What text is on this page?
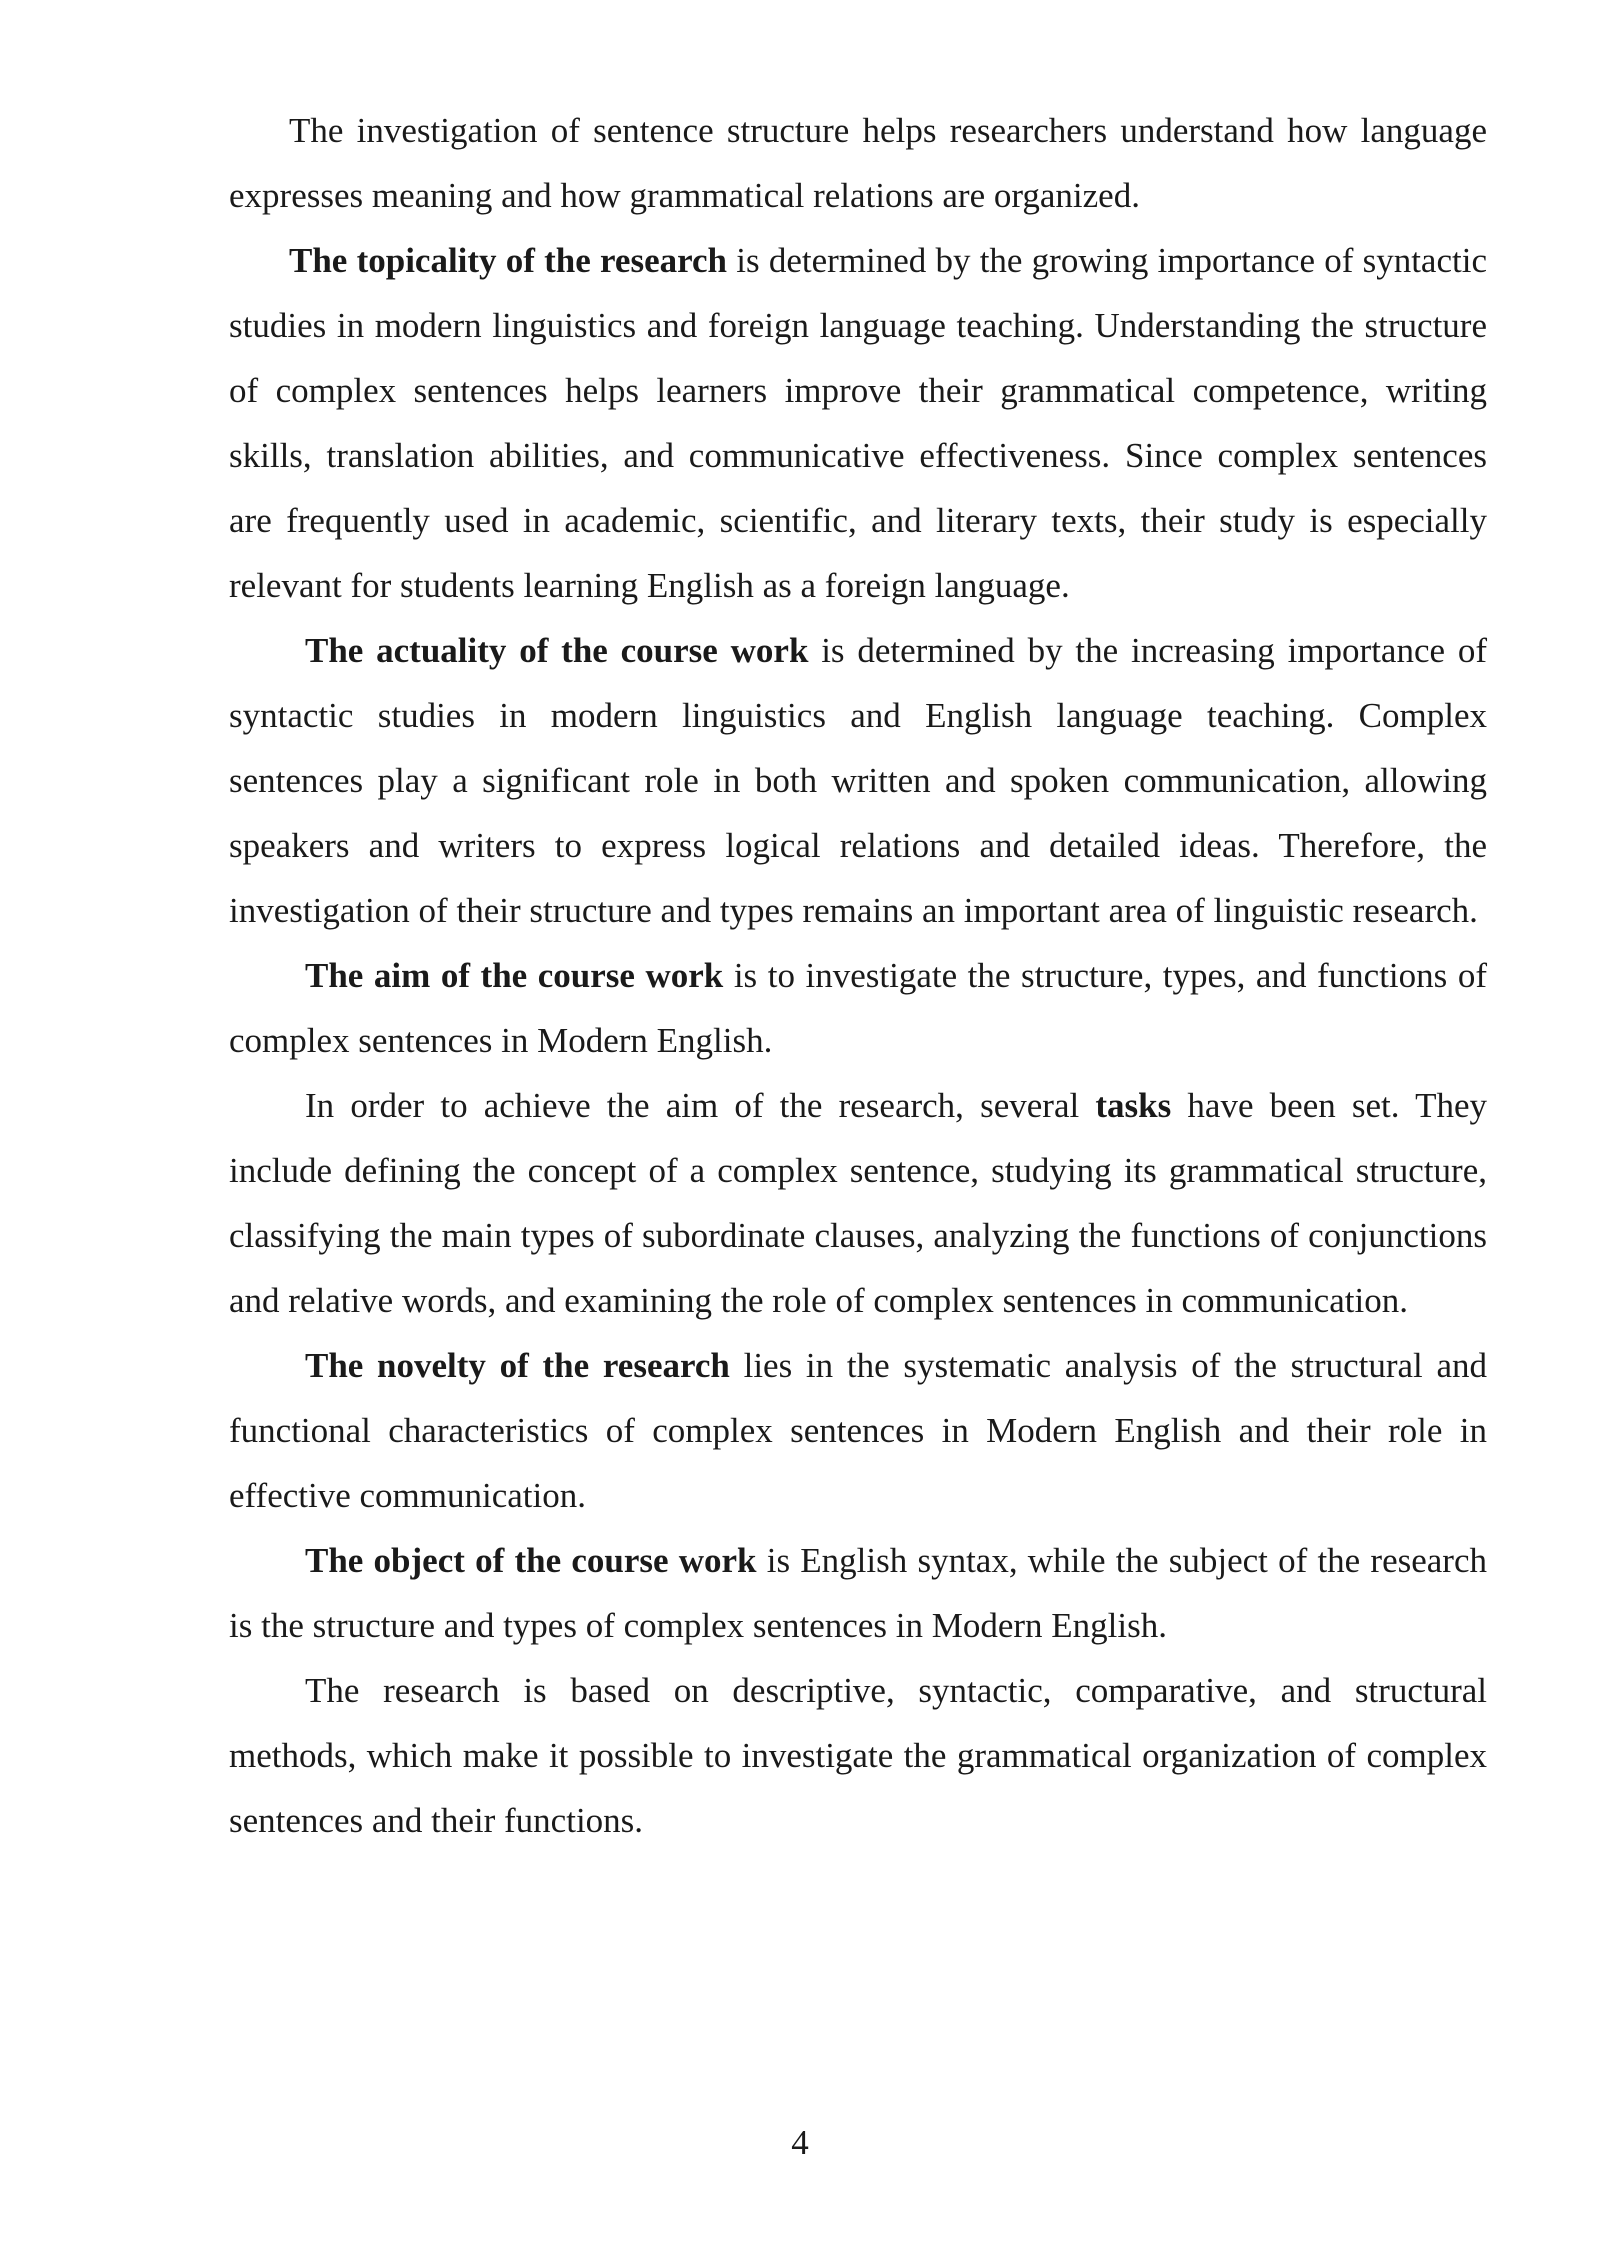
The investigation of sentence structure helps researchers understand how language expresses meaning and how grammatical relations are organized.

The topicality of the research is determined by the growing importance of syntactic studies in modern linguistics and foreign language teaching. Understanding the structure of complex sentences helps learners improve their grammatical competence, writing skills, translation abilities, and communicative effectiveness. Since complex sentences are frequently used in academic, scientific, and literary texts, their study is especially relevant for students learning English as a foreign language.

The actuality of the course work is determined by the increasing importance of syntactic studies in modern linguistics and English language teaching. Complex sentences play a significant role in both written and spoken communication, allowing speakers and writers to express logical relations and detailed ideas. Therefore, the investigation of their structure and types remains an important area of linguistic research.

The aim of the course work is to investigate the structure, types, and functions of complex sentences in Modern English.

In order to achieve the aim of the research, several tasks have been set. They include defining the concept of a complex sentence, studying its grammatical structure, classifying the main types of subordinate clauses, analyzing the functions of conjunctions and relative words, and examining the role of complex sentences in communication.

The novelty of the research lies in the systematic analysis of the structural and functional characteristics of complex sentences in Modern English and their role in effective communication.

The object of the course work is English syntax, while the subject of the research is the structure and types of complex sentences in Modern English.

The research is based on descriptive, syntactic, comparative, and structural methods, which make it possible to investigate the grammatical organization of complex sentences and their functions.

4
